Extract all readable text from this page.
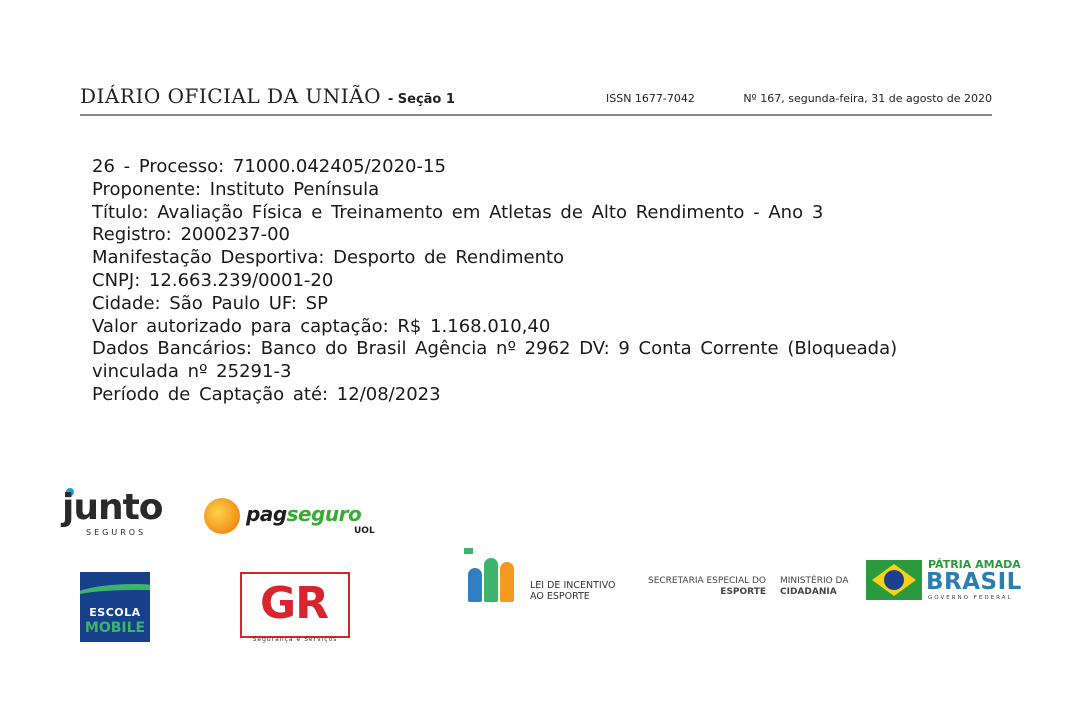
DIÁRIO OFICIAL DA UNIÃO - Seção 1	ISSN 1677-7042	Nº 167, segunda-feira, 31 de agosto de 2020
26 - Processo: 71000.042405/2020-15
Proponente: Instituto Península
Título: Avaliação Física e Treinamento em Atletas de Alto Rendimento - Ano 3
Registro: 2000237-00
Manifestação Desportiva: Desporto de Rendimento
CNPJ: 12.663.239/0001-20
Cidade: São Paulo UF: SP
Valor autorizado para captação: R$ 1.168.010,40
Dados Bancários: Banco do Brasil Agência nº 2962 DV: 9 Conta Corrente (Bloqueada)
vinculada nº 25291-3
Período de Captação até: 12/08/2023
junto
SEGUROS
pagseguro
UOL
ESCOLA
MOBILE	GR
Segurança e Serviços
LEI DE INCENTIVO
AO ESPORTE
SECRETARIA ESPECIAL DO
ESPORTE
MINISTÉRIO DA
CIDADANIA
PÁTRIA AMADA
BRASIL
GOVERNO FEDERAL
